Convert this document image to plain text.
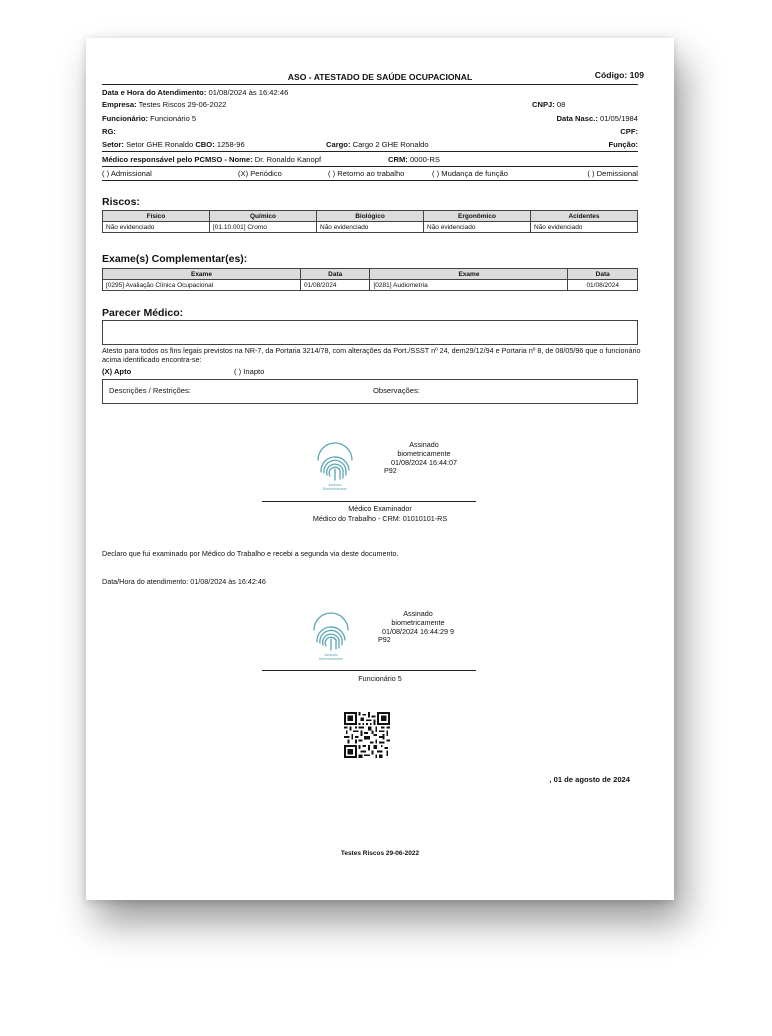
ASO - ATESTADO DE SAÚDE OCUPACIONAL	Código: 109
Data e Hora do Atendimento: 01/08/2024 às 16:42:46
Empresa: Testes Riscos 29-06-2022	CNPJ: 08
Funcionário: Funcionário 5	Data Nasc.: 01/05/1984
RG:	CPF:
Setor: Setor GHE Ronaldo CBO: 1258-96	Cargo: Cargo 2 GHE Ronaldo	Função:
Médico responsável pelo PCMSO - Nome: Dr. Ronaldo Kanopf	CRM: 0000-RS
( ) Admissional	(X) Periódico	( ) Retorno ao trabalho	( ) Mudança de função	( ) Demissional
Riscos:
Físico	Químico	Biológico	Ergonômico	Acidentes
Não evidenciado	[01.10.001] Cromo	Não evidenciado	Não evidenciado	Não evidenciado
Exame(s) Complementar(es):
Exame	Data	Exame	Data
[0295] Avaliação Clínica Ocupacional	01/08/2024	[0281] Audiometria	01/08/2024
Parecer Médico:
Atesto para todos os fins legais previstos na NR-7, da Portaria 3214/78, com alterações da Port./SSST nº 24, dem29/12/94 e Portaria nº 8, de 08/05/96 que o funcionário acima identificado encontra-se:
(X) Apto	( ) Inapto
Descrições / Restrições:	Observações:
Assinado
Biometricamente
Assinado
biometricamente
01/08/2024 16:44:07
P92
Médico Examinador
Médico do Trabalho - CRM: 01010101-RS
Declaro que fui examinado por Médico do Trabalho e recebi a segunda via deste documento.
Data/Hora do atendimento: 01/08/2024 às 16:42:46
Assinado
Biometricamente
Assinado
biometricamente
01/08/2024 16:44:29 9
P92
Funcionário 5
, 01 de agosto de 2024
Testes Riscos 29-06-2022
